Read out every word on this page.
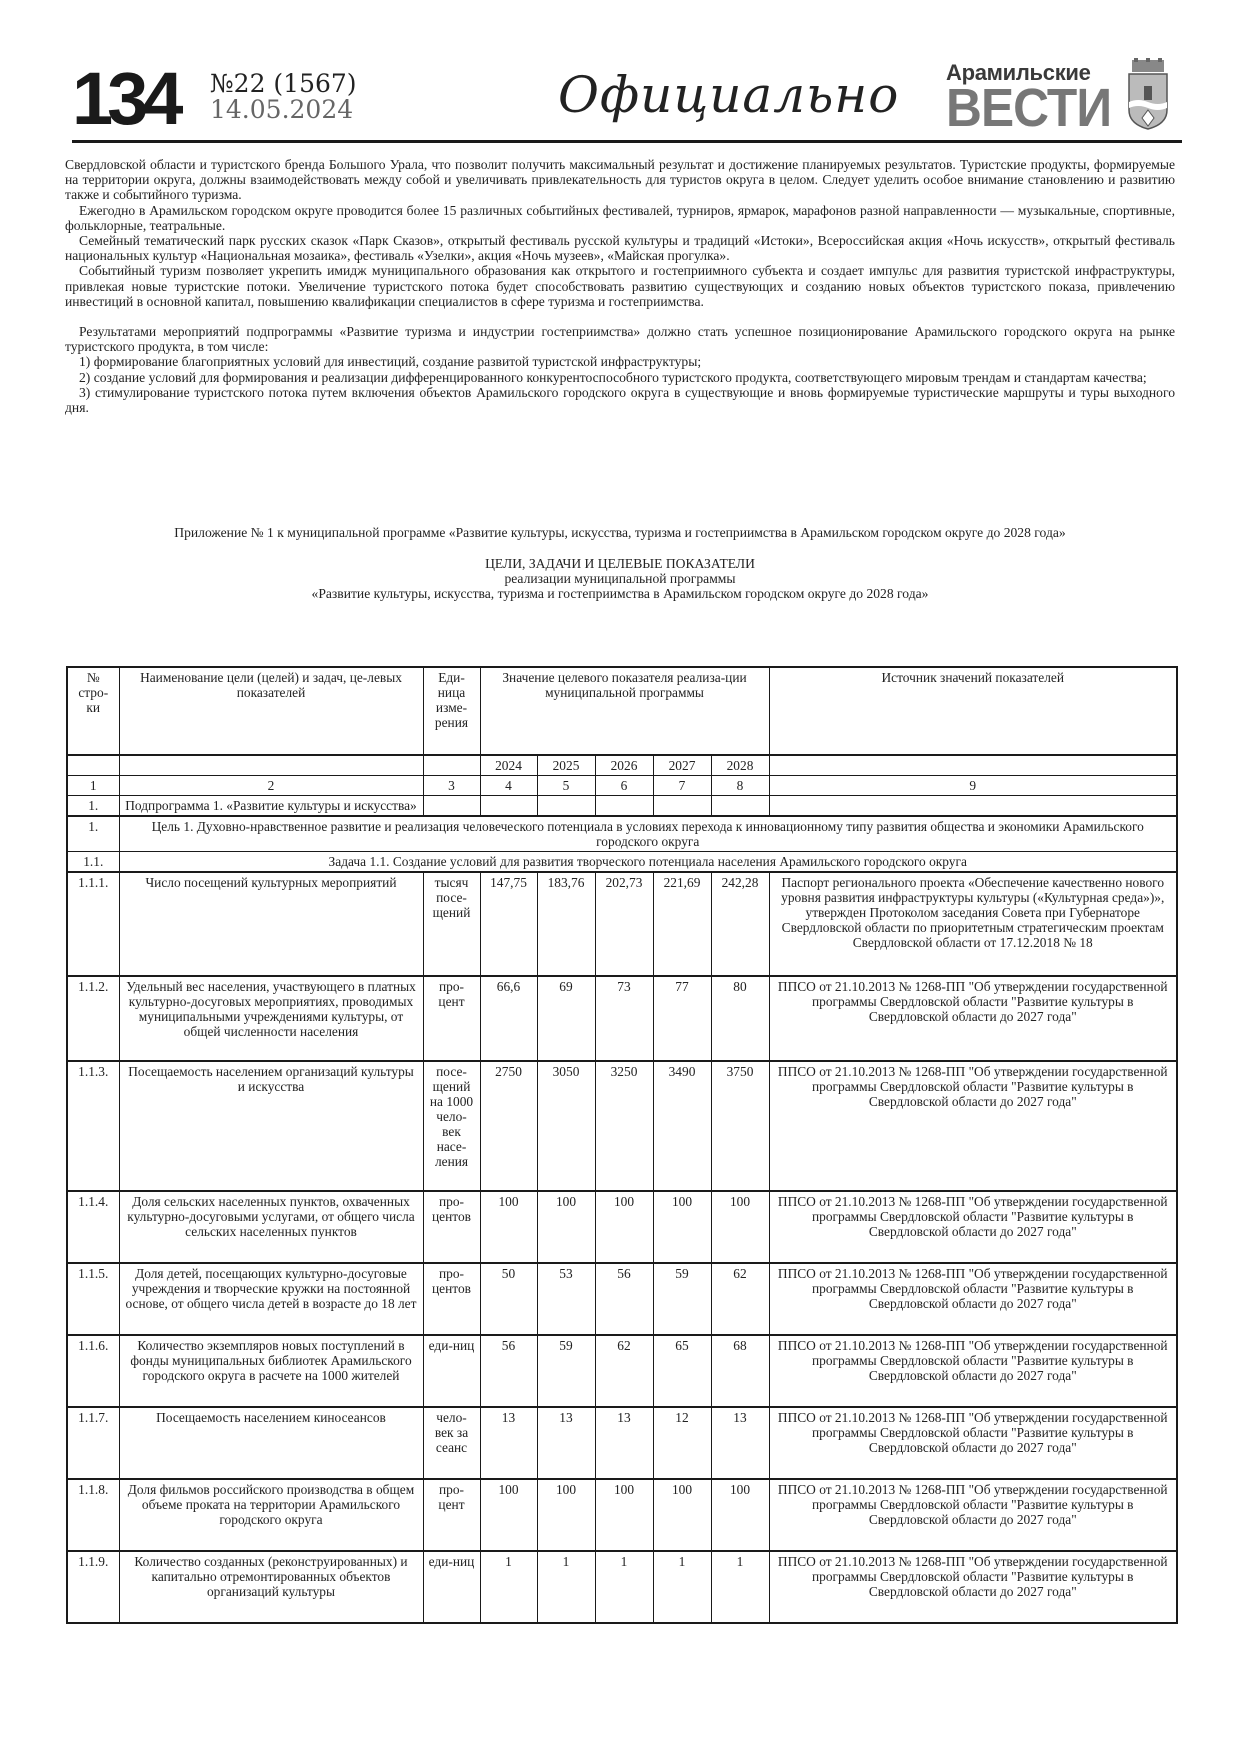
134 №22 (1567)
14.05.2024	Официально Арамильские
ВЕСТИ

Свердловской области и туристского бренда Большого Урала, что позволит получить максимальный результат и достижение планируемых результатов. Туристские продукты, формируемые на территории округа, должны взаимодействовать между собой и увеличивать привлекательность для туристов округа в целом. Следует уделить особое внимание становлению и развитию также и событийного туризма.

Ежегодно в Арамильском городском округе проводится более 15 различных событийных фестивалей, турниров, ярмарок, марафонов разной направленности — музыкальные, спортивные, фольклорные, театральные.

Семейный тематический парк русских сказок «Парк Сказов», открытый фестиваль русской культуры и традиций «Истоки», Всероссийская акция «Ночь искусств», открытый фестиваль национальных культур «Национальная мозаика», фестиваль «Узелки», акция «Ночь музеев», «Майская прогулка».

Событийный туризм позволяет укрепить имидж муниципального образования как открытого и гостеприимного субъекта и создает импульс для развития туристской инфраструктуры, привлекая новые туристские потоки. Увеличение туристского потока будет способствовать развитию существующих и созданию новых объектов туристского показа, привлечению инвестиций в основной капитал, повышению квалификации специалистов в сфере туризма и гостеприимства.

Результатами мероприятий подпрограммы «Развитие туризма и индустрии гостеприимства» должно стать успешное позиционирование Арамильского городского округа на рынке туристского продукта, в том числе:

1) формирование благоприятных условий для инвестиций, создание развитой туристской инфраструктуры;

2) создание условий для формирования и реализации дифференцированного конкурентоспособного туристского продукта, соответствующего мировым трендам и стандартам качества;

3) стимулирование туристского потока путем включения объектов Арамильского городского округа в существующие и вновь формируемые туристические маршруты и туры выходного дня.

Приложение № 1 к муниципальной программе «Развитие культуры, искусства, туризма и гостеприимства в Арамильском городском округе до 2028 года»
ЦЕЛИ, ЗАДАЧИ И ЦЕЛЕВЫЕ ПОКАЗАТЕЛИ
реализации муниципальной программы
«Развитие культуры, искусства, туризма и гостеприимства в Арамильском городском округе до 2028 года»
№ стро-ки	Наименование цели (целей) и задач, це-левых показателей	Еди-ница изме-рения	Значение целевого показателя реализа-ции муниципальной программы					Источник значений показателей
			2024	2025	2026	2027	2028	
1	2	3	4	5	6	7	8	9
1.	Подпрограмма 1. «Развитие культуры и искусства»							
1.	Цель 1. Духовно-нравственное развитие и реализация человеческого потенциала в условиях перехода к инновационному типу развития общества и экономики Арамильского городского округа							
1.1.	Задача 1.1. Создание условий для развития творческого потенциала населения Арамильского городского округа							
1.1.1.	Число посещений культурных мероприятий	тысяч посе-щений	147,75	183,76	202,73	221,69	242,28	Паспорт регионального проекта «Обеспечение качественно нового уровня развития инфраструктуры культуры («Культурная среда»)», утвержден Протоколом заседания Совета при Губернаторе Свердловской области по приоритетным стратегическим проектам Свердловской области от 17.12.2018 № 18
1.1.2.	Удельный вес населения, участвующего в платных культурно-досуговых мероприятиях, проводимых муниципальными учреждениями культуры, от общей численности населения	про-цент	66,6	69	73	77	80	ППСО от 21.10.2013 № 1268-ПП "Об утверждении государственной программы Свердловской области "Развитие культуры в Свердловской области до 2027 года"
1.1.3.	Посещаемость населением организаций культуры и искусства	посе-щений на 1000 чело-век насе-ления	2750	3050	3250	3490	3750	ППСО от 21.10.2013 № 1268-ПП "Об утверждении государственной программы Свердловской области "Развитие культуры в Свердловской области до 2027 года"
1.1.4.	Доля сельских населенных пунктов, охваченных культурно-досуговыми услугами, от общего числа сельских населенных пунктов	про-центов	100	100	100	100	100	ППСО от 21.10.2013 № 1268-ПП "Об утверждении государственной программы Свердловской области "Развитие культуры в Свердловской области до 2027 года"
1.1.5.	Доля детей, посещающих культурно-досуговые учреждения и творческие кружки на постоянной основе, от общего числа детей в возрасте до 18 лет	про-центов	50	53	56	59	62	ППСО от 21.10.2013 № 1268-ПП "Об утверждении государственной программы Свердловской области "Развитие культуры в Свердловской области до 2027 года"
1.1.6.	Количество экземпляров новых поступлений в фонды муниципальных библиотек Арамильского городского округа в расчете на 1000 жителей	еди-ниц	56	59	62	65	68	ППСО от 21.10.2013 № 1268-ПП "Об утверждении государственной программы Свердловской области "Развитие культуры в Свердловской области до 2027 года"
1.1.7.	Посещаемость населением киносеансов	чело-век за сеанс	13	13	13	12	13	ППСО от 21.10.2013 № 1268-ПП "Об утверждении государственной программы Свердловской области "Развитие культуры в Свердловской области до 2027 года"
1.1.8.	Доля фильмов российского производства в общем объеме проката на территории Арамильского городского округа	про-цент	100	100	100	100	100	ППСО от 21.10.2013 № 1268-ПП "Об утверждении государственной программы Свердловской области "Развитие культуры в Свердловской области до 2027 года"
1.1.9.	Количество созданных (реконструированных) и капитально отремонтированных объектов организаций культуры	еди-ниц	1	1	1	1	1	ППСО от 21.10.2013 № 1268-ПП "Об утверждении государственной программы Свердловской области "Развитие культуры в Свердловской области до 2027 года"
